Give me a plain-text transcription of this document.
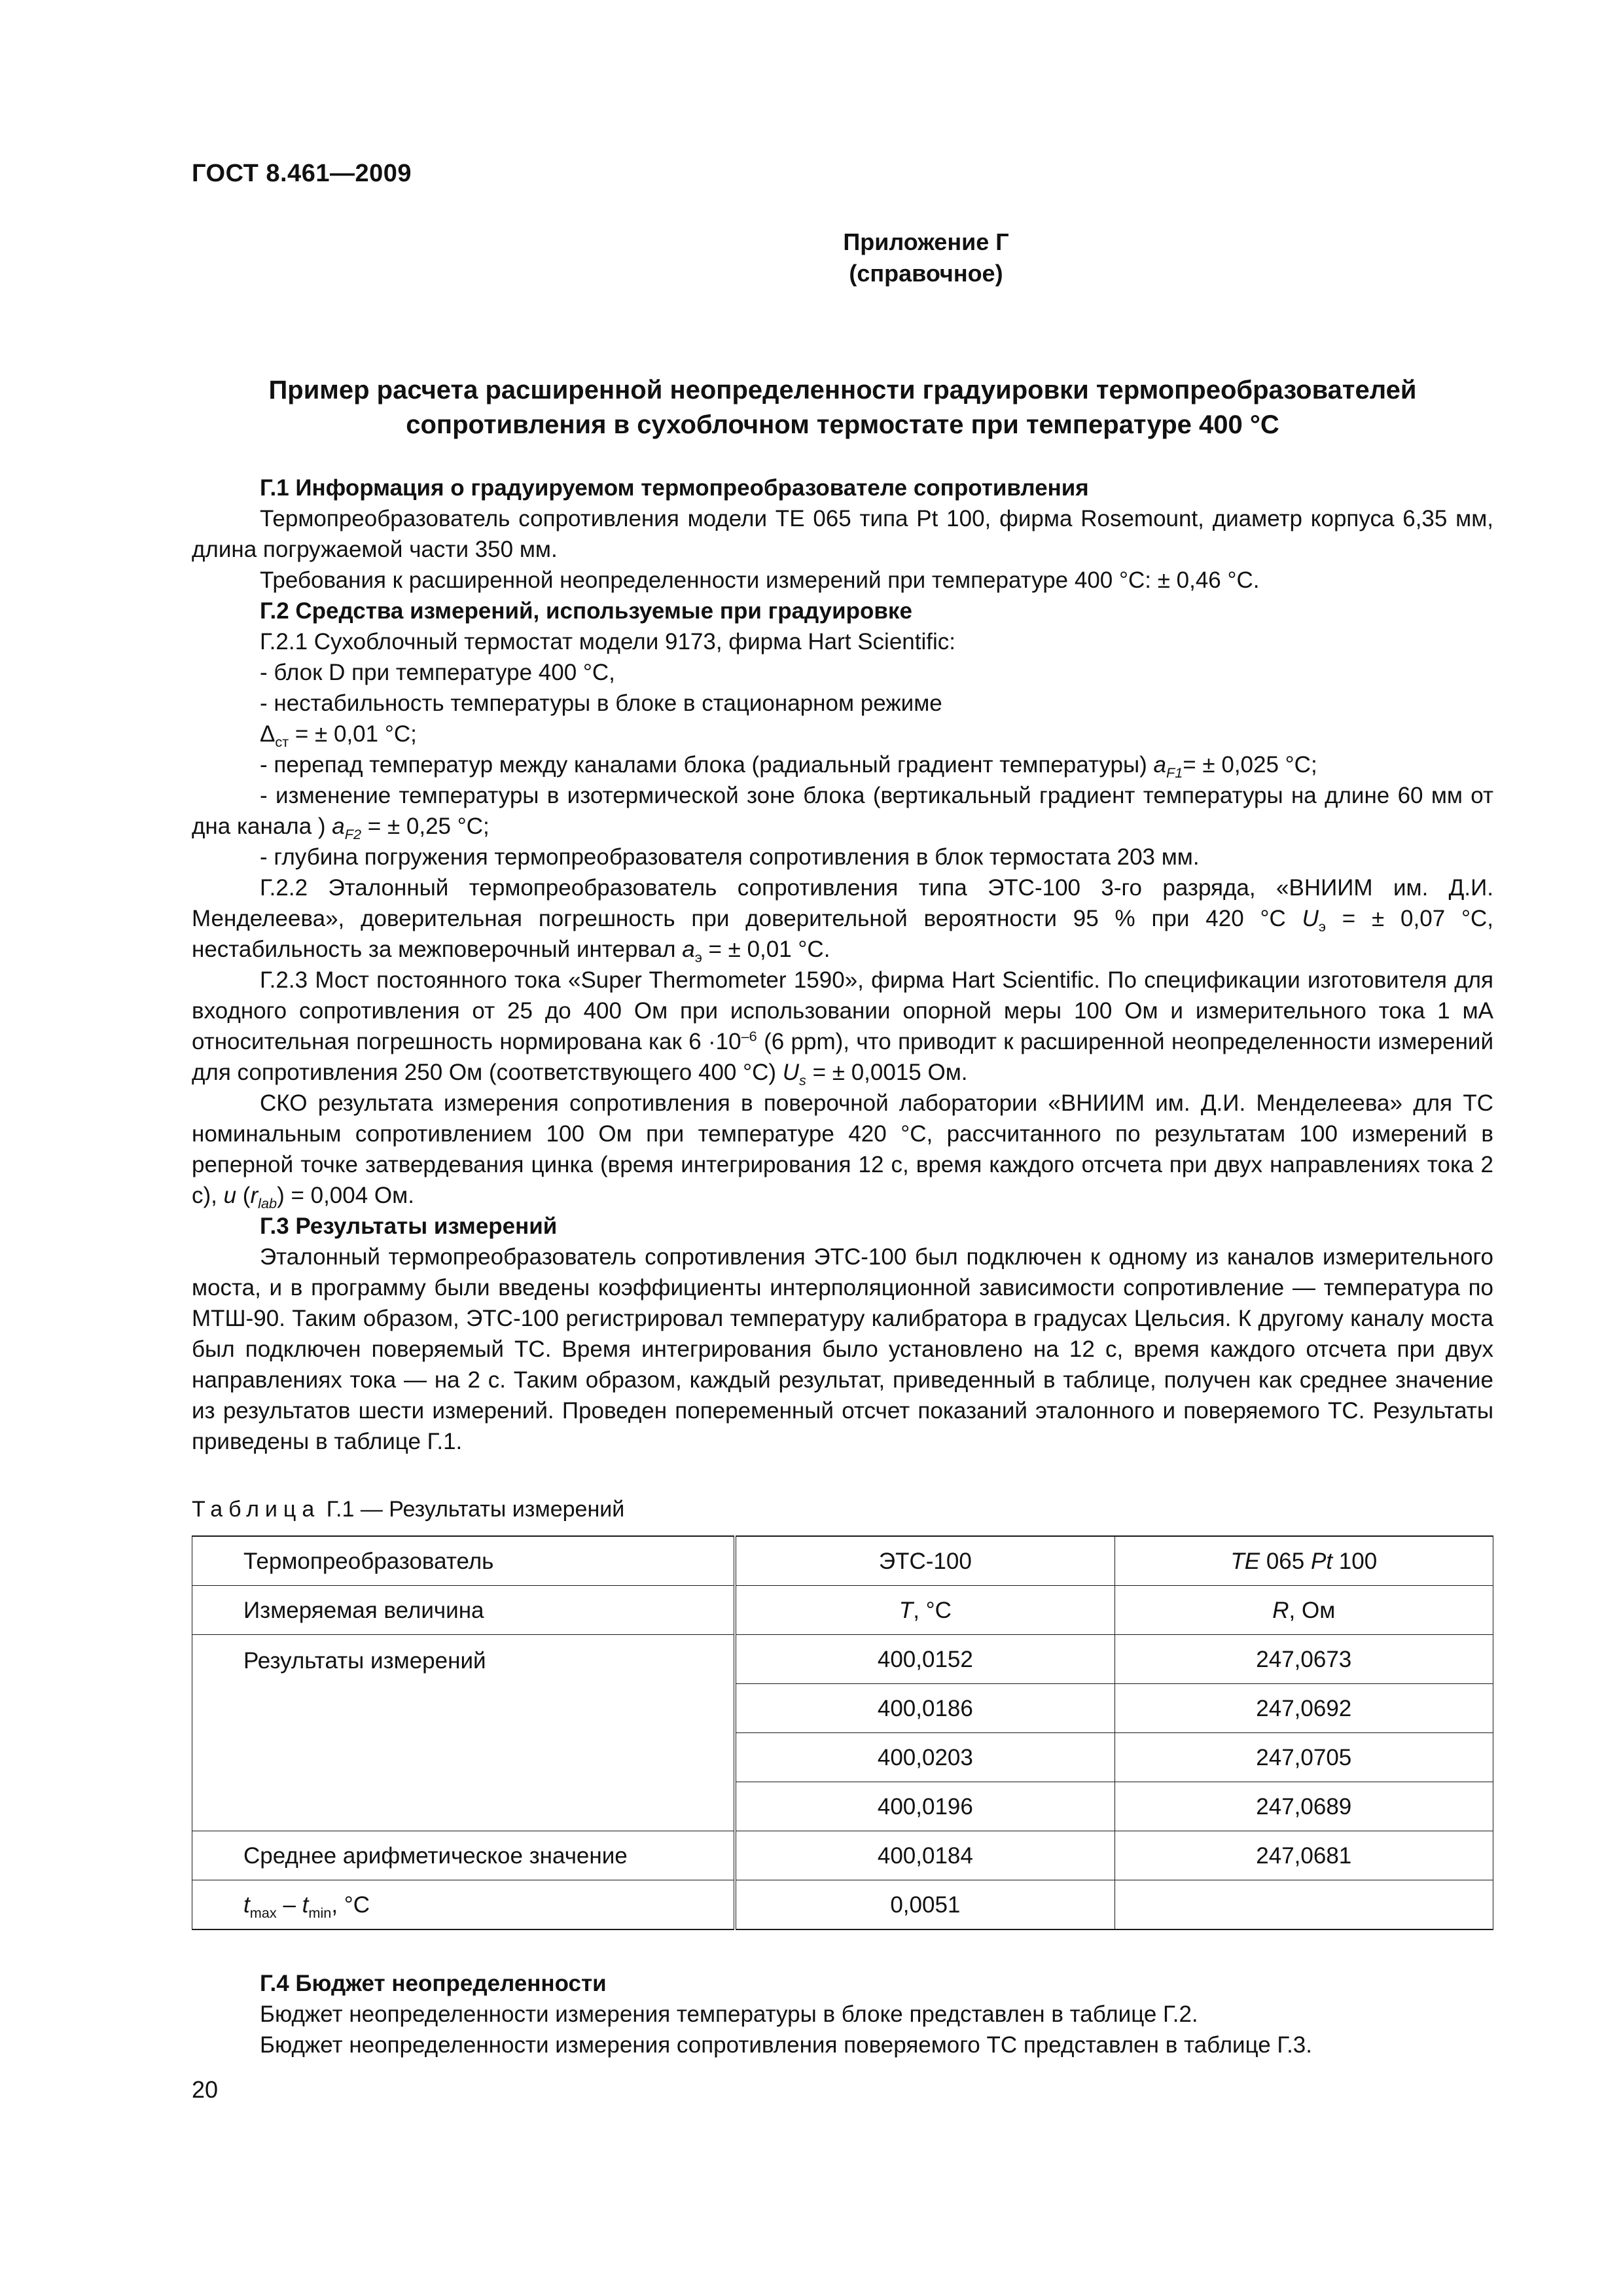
ГОСТ 8.461—2009
Приложение Г
(справочное)
Пример расчета расширенной неопределенности градуировки термопреобразователей
сопротивления в сухоблочном термостате при температуре 400 °С

Г.1 Информация о градуируемом термопреобразователе сопротивления

Термопреобразователь сопротивления модели ТЕ 065 типа Pt 100, фирма Rosemount, диаметр корпуса 6,35 мм, длина погружаемой части 350 мм.

Требования к расширенной неопределенности измерений при температуре 400 °С: ± 0,46 °С.

Г.2 Средства измерений, используемые при градуировке

Г.2.1 Сухоблочный термостат модели 9173, фирма Hart Scientific:

- блок D при температуре 400 °С,

- нестабильность температуры в блоке в стационарном режиме

$\Delta_{ст}$ = ± 0,01 °С;

- перепад температур между каналами блока (радиальный градиент температуры) $a_{F1}= \pm 0,025$ °С;

- изменение температуры в изотермической зоне блока (вертикальный градиент температуры на длине 60 мм от дна канала ) $a_{F2}$ = ± 0,25 °С;

- глубина погружения термопреобразователя сопротивления в блок термостата 203 мм.

Г.2.2 Эталонный термопреобразователь сопротивления типа ЭТС-100 3-го разряда, «ВНИИМ им. Д.И. Менделеева», доверительная погрешность при доверительной вероятности 95 % при 420 °С $U_э$ = ± 0,07 °С, нестабильность за межповерочный интервал $a_э$ = ± 0,01 °С.

Г.2.3 Мост постоянного тока «Super Thermometer 1590», фирма Hart Scientific. По спецификации изготовителя для входного сопротивления от 25 до 400 Ом при использовании опорной меры 100 Ом и измерительного тока 1 мА относительная погрешность нормирована как $6 \cdot 10^{-6}$ (6 ppm), что приводит к расширенной неопределенности измерений для сопротивления 250 Ом (соответствующего 400 °С) $U_s$ = ± 0,0015 Ом.

СКО результата измерения сопротивления в поверочной лаборатории «ВНИИМ им. Д.И. Менделеева» для ТС номинальным сопротивлением 100 Ом при температуре 420 °С, рассчитанного по результатам 100 измерений в реперной точке затвердевания цинка (время интегрирования 12 с, время каждого отсчета при двух направлениях тока 2 с), u $(r_{lab}) = 0,004$ Ом.

Г.3 Результаты измерений

Эталонный термопреобразователь сопротивления ЭТС-100 был подключен к одному из каналов измерительного моста, и в программу были введены коэффициенты интерполяционной зависимости сопротивление — температура по МТШ-90. Таким образом, ЭТС-100 регистрировал температуру калибратора в градусах Цельсия. К другому каналу моста был подключен поверяемый ТС. Время интегрирования было установлено на 12 с, время каждого отсчета при двух направлениях тока — на 2 с. Таким образом, каждый результат, приведенный в таблице, получен как среднее значение из результатов шести измерений. Проведен попеременный отсчет показаний эталонного и поверяемого ТС. Результаты приведены в таблице Г.1.

Таблица Г.1 — Результаты измерений

Термопреобразователь	ЭТС-100	TE 065 Pt 100
Измеряемая величина	T, °С	R, Ом
Результаты измерений	400,0152	247,0673
	400,0186	247,0692
	400,0203	247,0705
	400,0196	247,0689
Среднее арифметическое значение	400,0184	247,0681
$t_{max} - t_{min}$, °С	0,0051	

Г.4 Бюджет неопределенности

Бюджет неопределенности измерения температуры в блоке представлен в таблице Г.2.

Бюджет неопределенности измерения сопротивления поверяемого ТС представлен в таблице Г.3.

20
